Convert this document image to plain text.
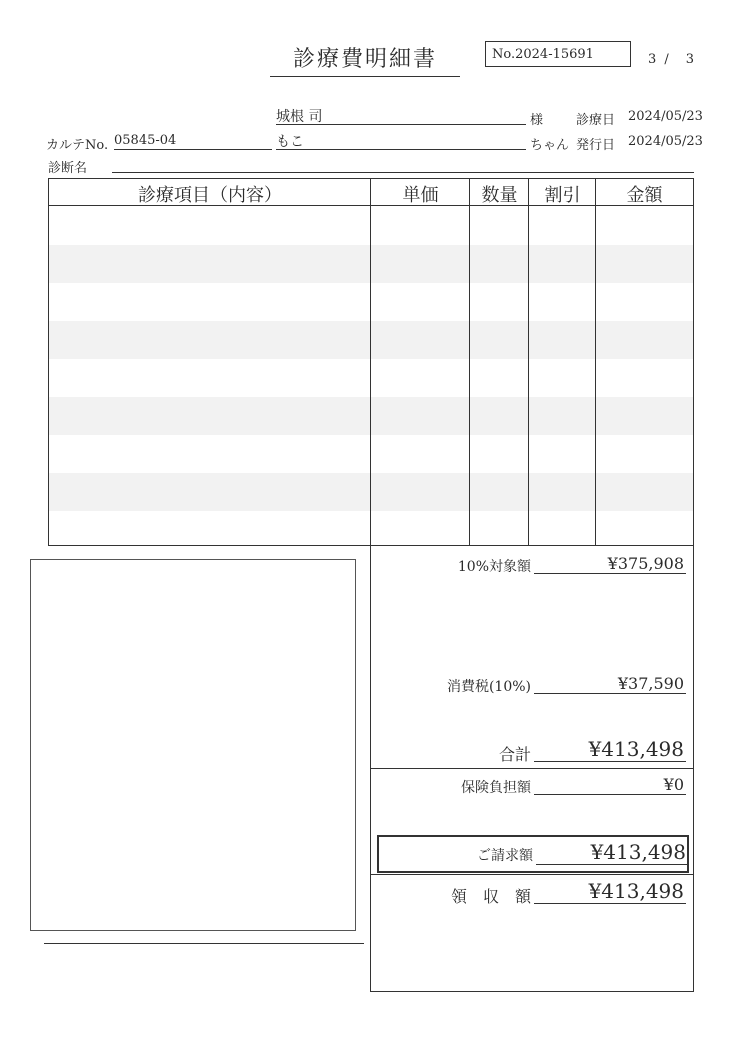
診療費明細書	No.2024-15691	3 /　3
城根 司	様	診療日 2024/05/23
カルテNo. 05845-04	もこ	ちゃん 発行日 2024/05/23
診断名
診療項目（内容）	単価	数量	割引	金額
10%対象額	¥375,908
消費税(10%)	¥37,590
合計	¥413,498
保険負担額	¥0
ご請求額	¥413,498
領　収　額	¥413,498
